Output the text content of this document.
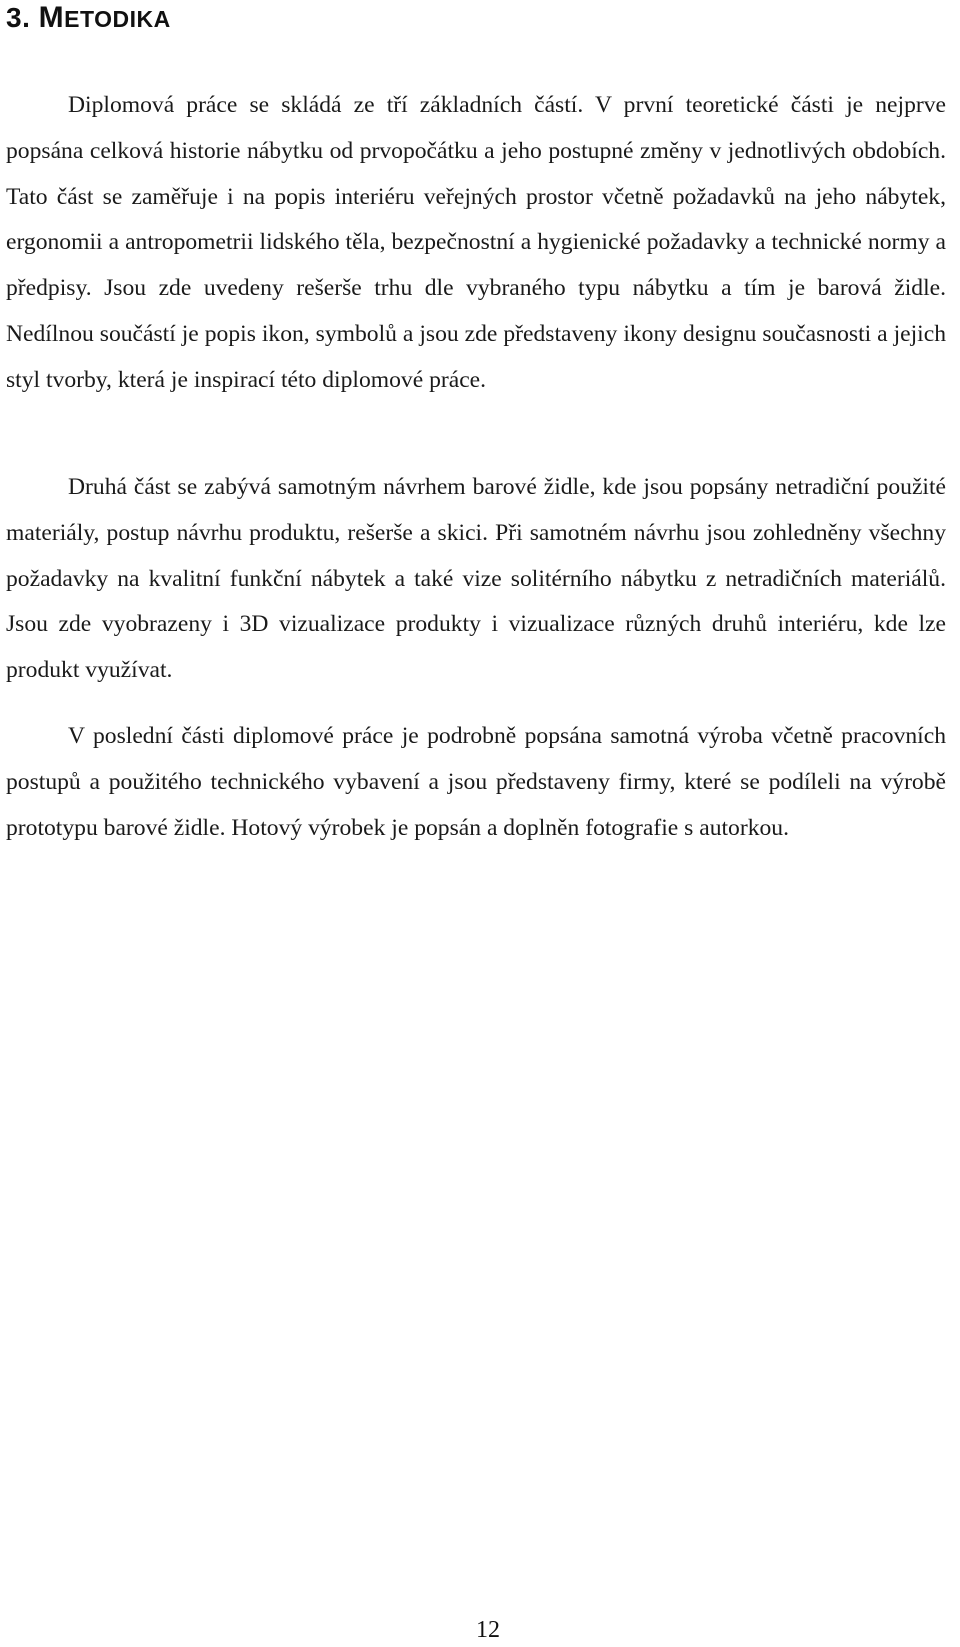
3. METODIKA

Diplomová práce se skládá ze tří základních částí. V první teoretické části je nejprve popsána celková historie nábytku od prvopočátku a jeho postupné změny v jednotlivých obdobích. Tato část se zaměřuje i na popis interiéru veřejných prostor včetně požadavků na jeho nábytek, ergonomii a antropometrii lidského těla, bezpečnostní a hygienické požadavky a technické normy a předpisy. Jsou zde uvedeny rešerše trhu dle vybraného typu nábytku a tím je barová židle. Nedílnou součástí je popis ikon, symbolů a jsou zde představeny ikony designu současnosti a jejich styl tvorby, která je inspirací této diplomové práce.

Druhá část se zabývá samotným návrhem barové židle, kde jsou popsány netradiční použité materiály, postup návrhu produktu, rešerše a skici. Při samotném návrhu jsou zohledněny všechny požadavky na kvalitní funkční nábytek a také vize solitérního nábytku z netradičních materiálů. Jsou zde vyobrazeny i 3D vizualizace produkty i vizualizace různých druhů interiéru, kde lze produkt využívat.

V poslední části diplomové práce je podrobně popsána samotná výroba včetně pracovních postupů a použitého technického vybavení a jsou představeny firmy, které se podíleli na výrobě prototypu barové židle. Hotový výrobek je popsán a doplněn fotografie s autorkou.

12
